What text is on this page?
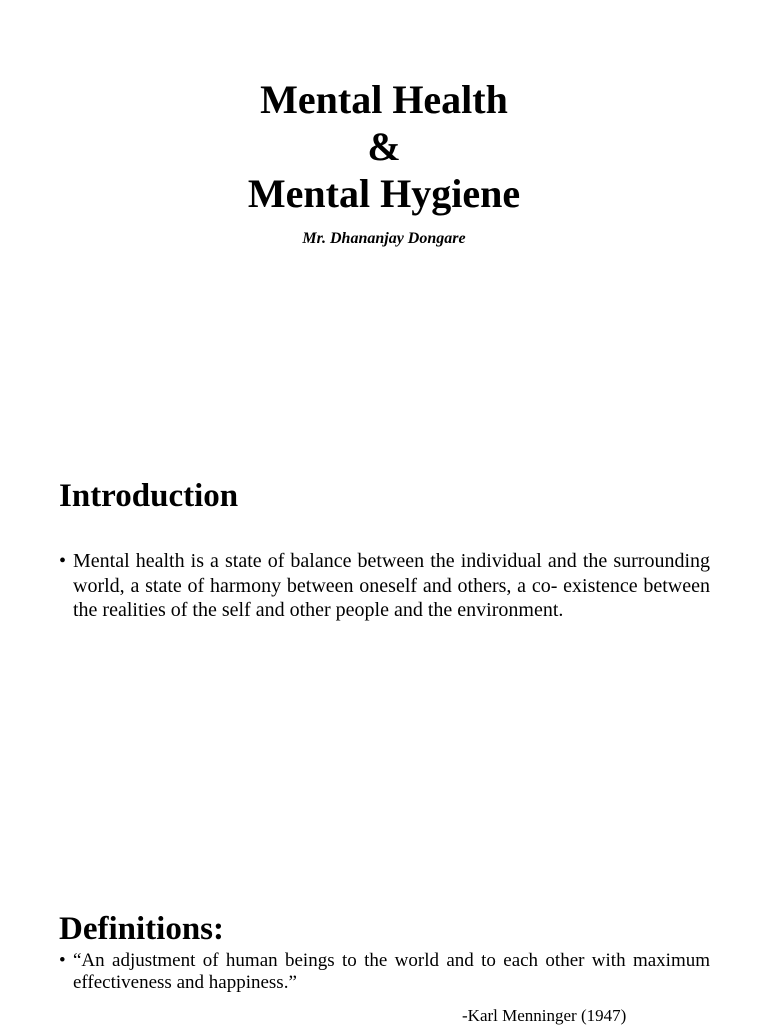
Mental Health
&
Mental Hygiene
Mr. Dhananjay Dongare
Introduction
• Mental health is a state of balance between the individual and the surrounding world, a state of harmony between oneself and others, a co- existence between the realities of the self and other people and the environment.
Definitions:
• “An adjustment of human beings to the world and to each other with maximum effectiveness and happiness.”
-Karl Menninger (1947)
